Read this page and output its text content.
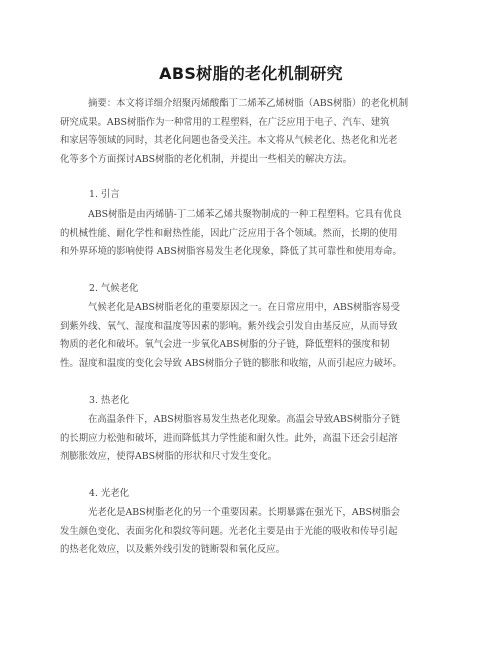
ABS树脂的老化机制研究
摘要：本文将详细介绍聚丙烯酸酯丁二烯苯乙烯树脂（ABS树脂）的老化机制
研究成果。ABS树脂作为一种常用的工程塑料，在广泛应用于电子、汽车、建筑
和家居等领域的同时，其老化问题也备受关注。本文将从气候老化、热老化和光老
化等多个方面探讨ABS树脂的老化机制，并提出一些相关的解决方法。
1. 引言
ABS树脂是由丙烯腈-丁二烯苯乙烯共聚物制成的一种工程塑料。它具有优良
的机械性能、耐化学性和耐热性能，因此广泛应用于各个领域。然而，长期的使用
和外界环境的影响使得 ABS树脂容易发生老化现象，降低了其可靠性和使用寿命。
2. 气候老化
气候老化是ABS树脂老化的重要原因之一。在日常应用中，ABS树脂容易受
到紫外线、氧气、湿度和温度等因素的影响。紫外线会引发自由基反应，从而导致
物质的老化和破坏。氧气会进一步氧化ABS树脂的分子链，降低塑料的强度和韧
性。湿度和温度的变化会导致 ABS树脂分子链的膨胀和收缩，从而引起应力破坏。
3. 热老化
在高温条件下，ABS树脂容易发生热老化现象。高温会导致ABS树脂分子链
的长期应力松弛和破坏，进而降低其力学性能和耐久性。此外，高温下还会引起溶
剂膨胀效应，使得ABS树脂的形状和尺寸发生变化。
4. 光老化
光老化是ABS树脂老化的另一个重要因素。长期暴露在强光下，ABS树脂会
发生颜色变化、表面劣化和裂纹等问题。光老化主要是由于光能的吸收和传导引起
的热老化效应，以及紫外线引发的链断裂和氧化反应。
